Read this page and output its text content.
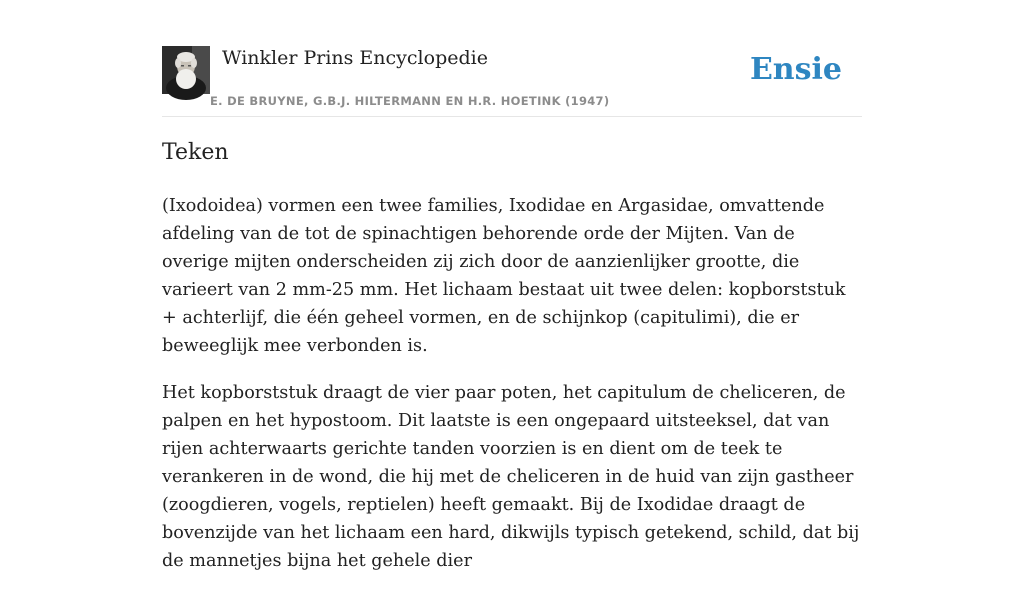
Winkler Prins Encyclopedie
E. DE BRUYNE, G.B.J. HILTERMANN EN H.R. HOETINK (1947)
Ensie
Teken

(Ixodoidea) vormen een twee families, Ixodidae en Argasidae, omvattende afdeling van de tot de spinachtigen behorende orde der Mijten. Van de overige mijten onderscheiden zij zich door de aanzienlijker grootte, die varieert van 2 mm-25 mm. Het lichaam bestaat uit twee delen: kopborststuk + achterlijf, die één geheel vormen, en de schijnkop (capitulimi), die er beweeglijk mee verbonden is.

Het kopborststuk draagt de vier paar poten, het capitulum de cheliceren, de palpen en het hypostoom. Dit laatste is een ongepaard uitsteeksel, dat van rijen achterwaarts gerichte tanden voorzien is en dient om de teek te verankeren in de wond, die hij met de cheliceren in de huid van zijn gastheer (zoogdieren, vogels, reptielen) heeft gemaakt. Bij de Ixodidae draagt de bovenzijde van het lichaam een hard, dikwijls typisch getekend, schild, dat bij de mannetjes bijna het gehele dier
